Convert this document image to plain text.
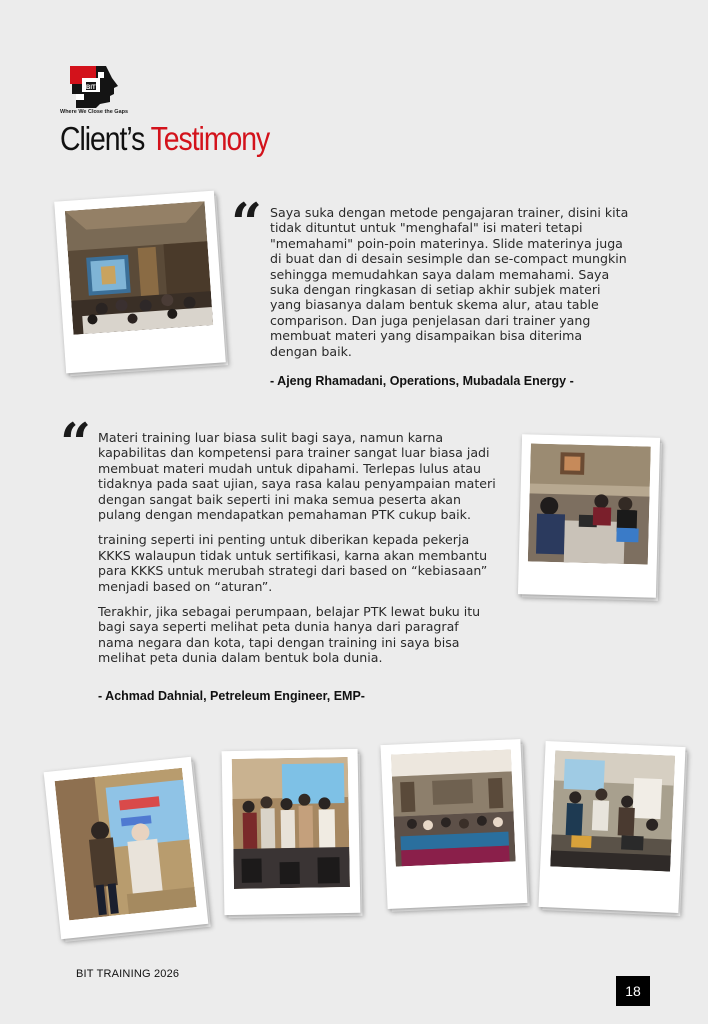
BIT
Where We Close the Gaps
Client’s Testimony
“ Saya suka dengan metode pengajaran trainer, disini kita tidak dituntut untuk "menghafal" isi materi tetapi "memahami" poin-poin materinya. Slide materinya juga di buat dan di desain sesimple dan se-compact mungkin sehingga memudahkan saya dalam memahami. Saya suka dengan ringkasan di setiap akhir subjek materi yang biasanya dalam bentuk skema alur, atau table comparison. Dan juga penjelasan dari trainer yang membuat materi yang disampaikan bisa diterima dengan baik.

- Ajeng Rhamadani, Operations, Mubadala Energy -
“ Materi training luar biasa sulit bagi saya, namun karna kapabilitas dan kompetensi para trainer sangat luar biasa jadi membuat materi mudah untuk dipahami. Terlepas lulus atau tidaknya pada saat ujian, saya rasa kalau penyampaian materi dengan sangat baik seperti ini maka semua peserta akan pulang dengan mendapatkan pemahaman PTK cukup baik.

training seperti ini penting untuk diberikan kepada pekerja KKKS walaupun tidak untuk sertifikasi, karna akan membantu para KKKS untuk merubah strategi dari based on “kebiasaan” menjadi based on “aturan”.

Terakhir, jika sebagai perumpaan, belajar PTK lewat buku itu bagi saya seperti melihat peta dunia hanya dari paragraf nama negara dan kota, tapi dengan training ini saya bisa melihat peta dunia dalam bentuk bola dunia.

- Achmad Dahnial, Petreleum Engineer, EMP-
BIT TRAINING 2026
18
